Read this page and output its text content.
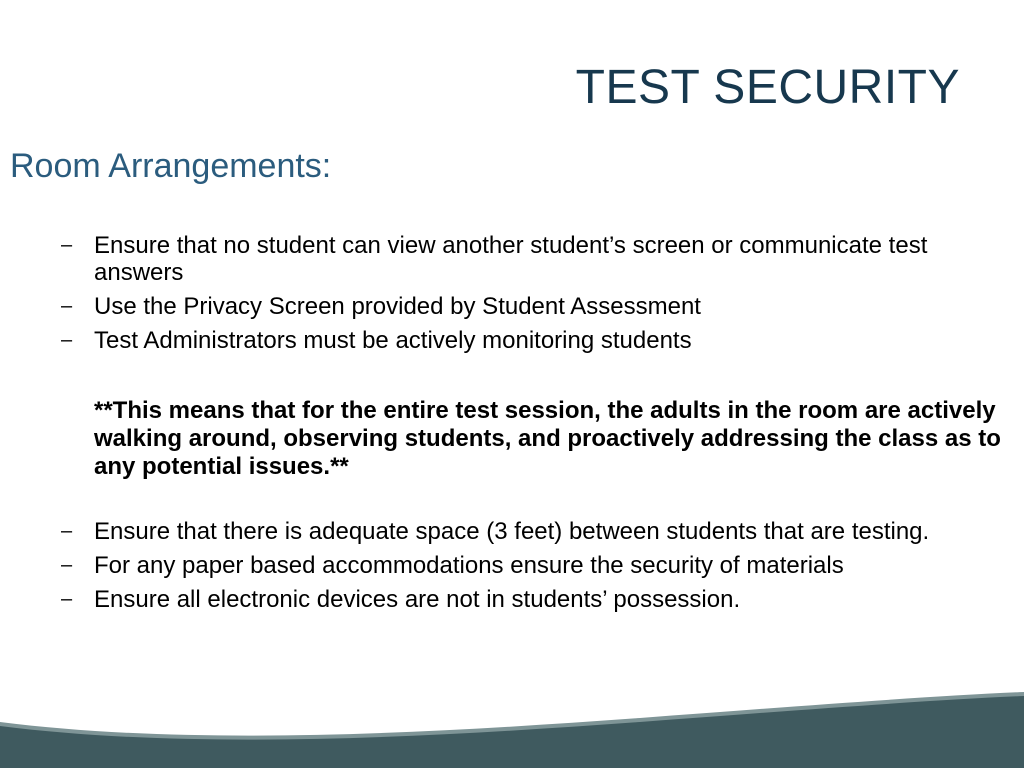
TEST SECURITY
Room Arrangements:
– Ensure that no student can view another student’s screen or communicate test answers
– Use the Privacy Screen provided by Student Assessment
– Test Administrators must be actively monitoring students

**This means that for the entire test session, the adults in the room are actively walking around, observing students, and proactively addressing the class as to any potential issues.**

– Ensure that there is adequate space (3 feet) between students that are testing.
– For any paper based accommodations ensure the security of materials
– Ensure all electronic devices are not in students’ possession.
